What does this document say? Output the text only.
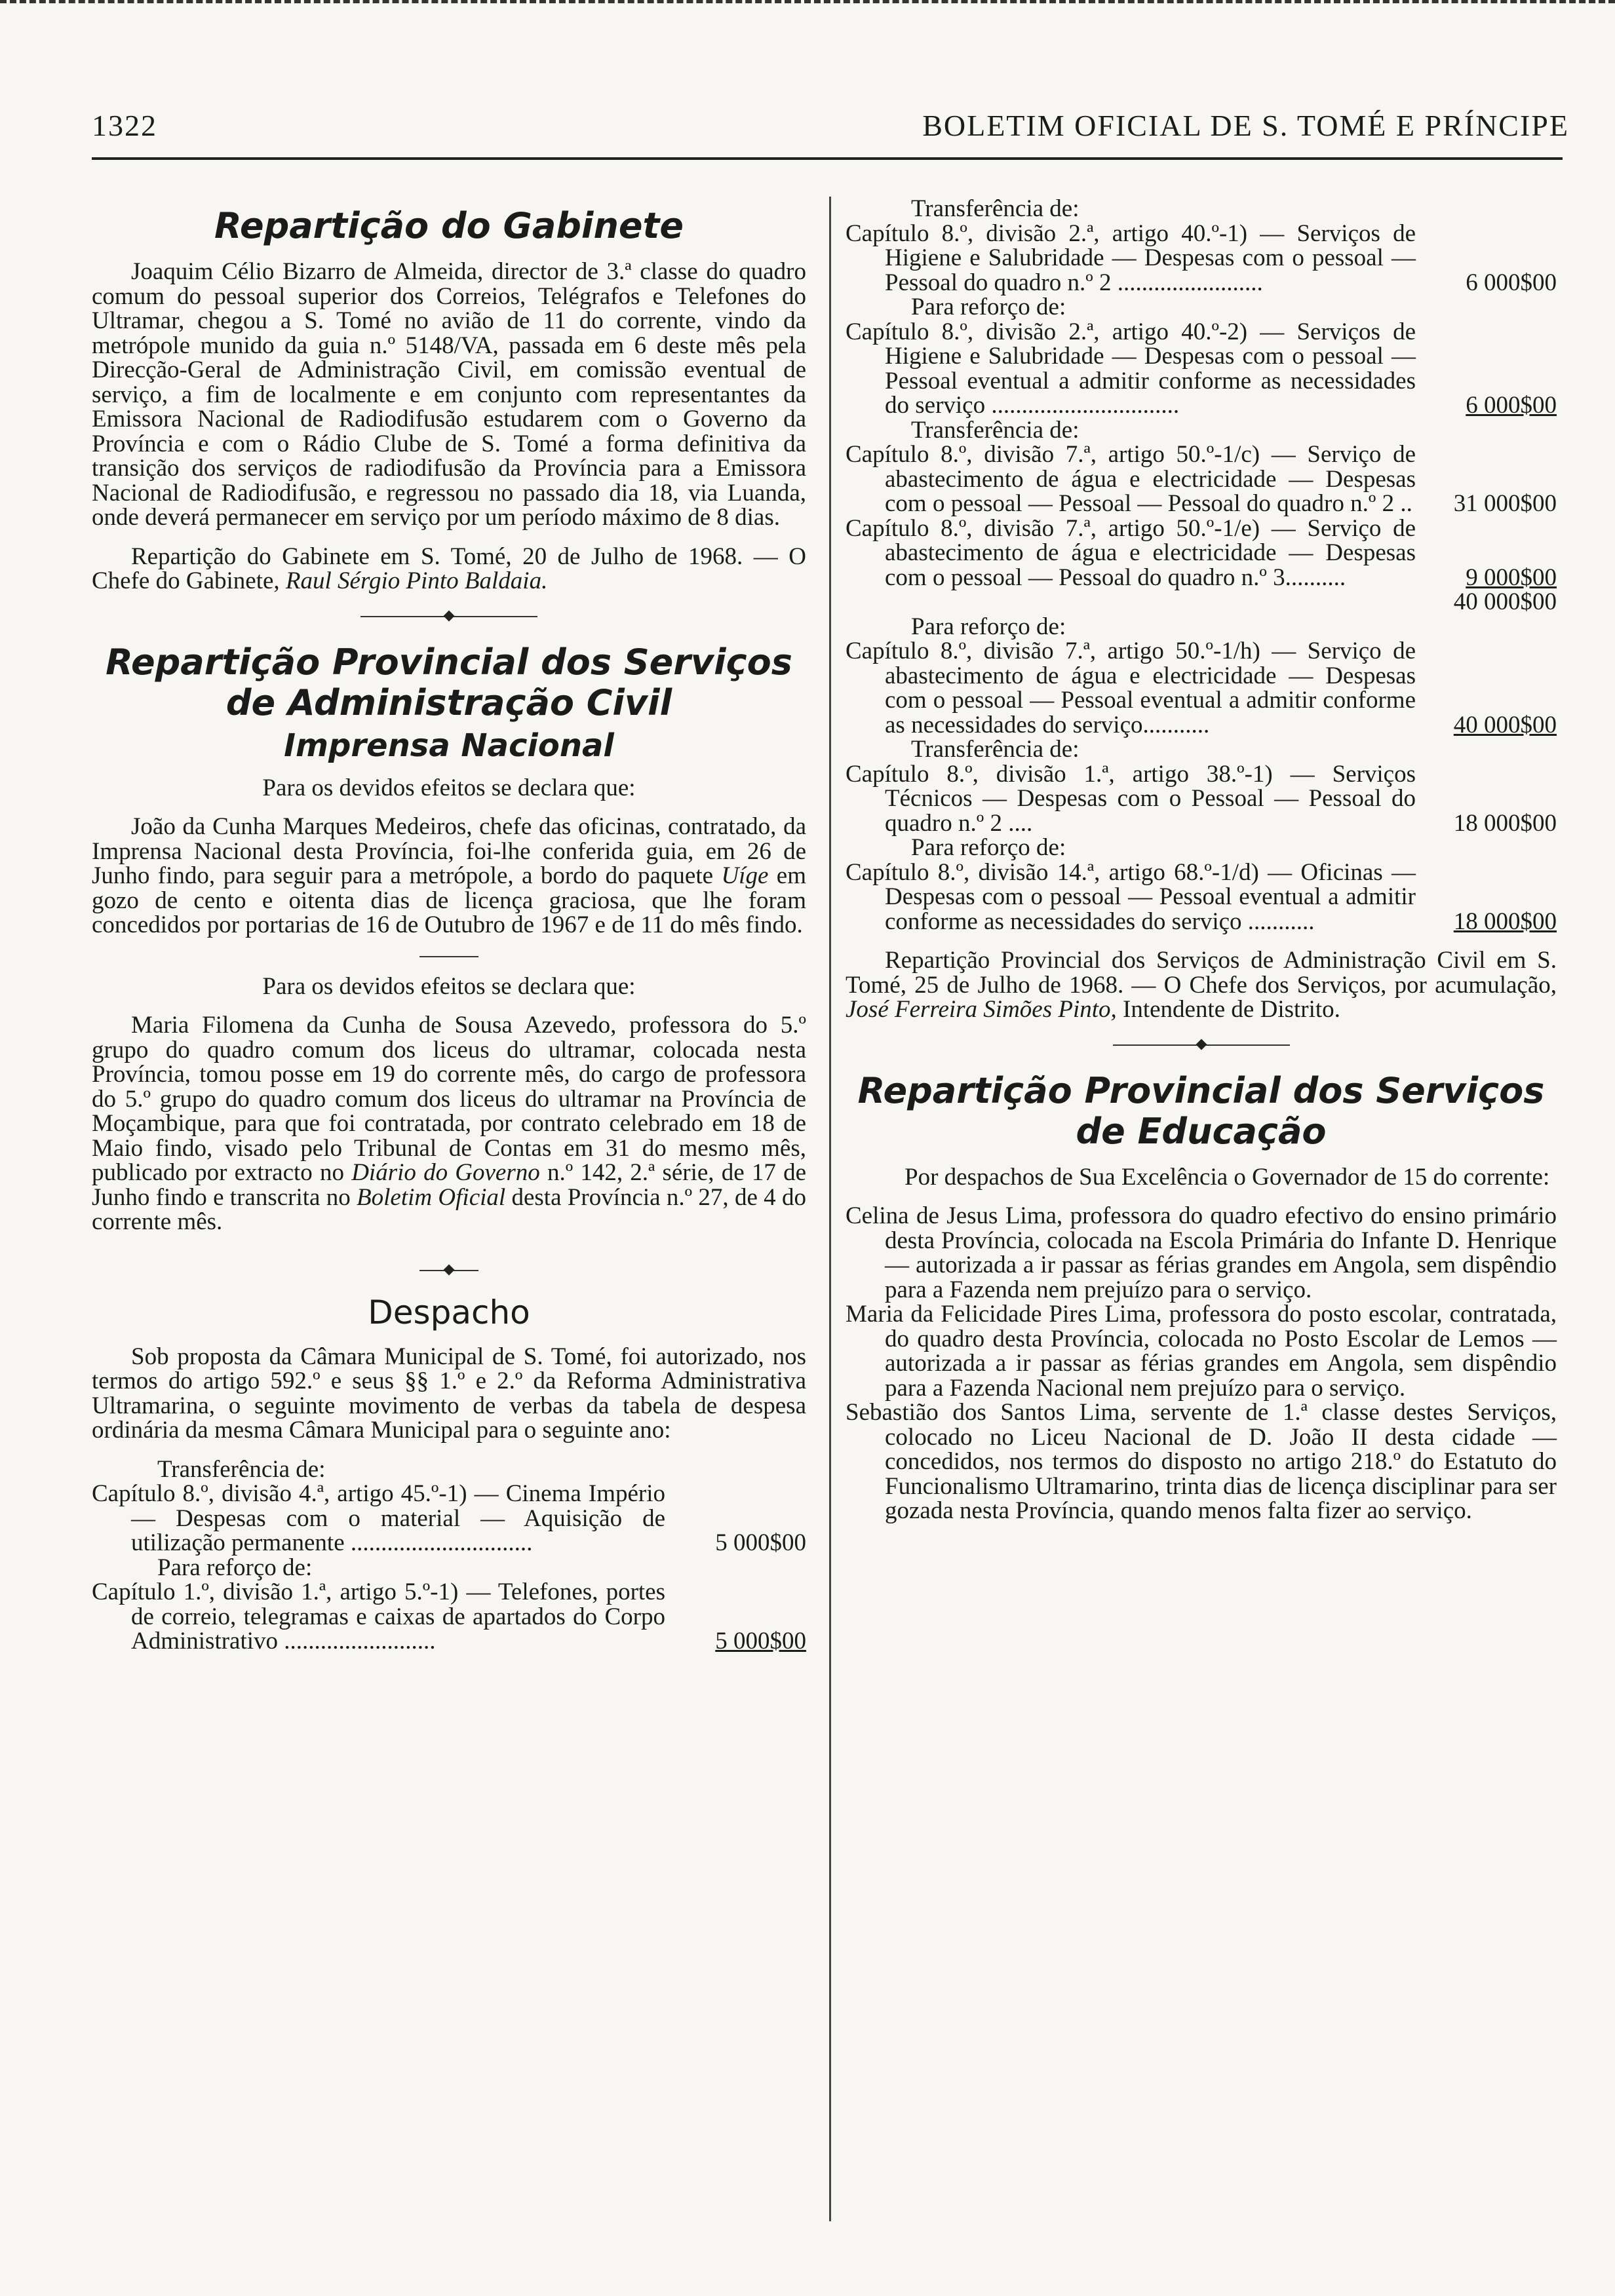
1322	BOLETIM OFICIAL DE S. TOMÉ E PRÍNCIPE
Repartição do Gabinete

Joaquim Célio Bizarro de Almeida, director de 3.ª classe do quadro comum do pessoal superior dos Correios, Telégrafos e Telefones do Ultramar, chegou a S. Tomé no avião de 11 do corrente, vindo da metrópole munido da guia n.º 5148/VA, passada em 6 deste mês pela Direcção-Geral de Administração Civil, em comissão eventual de serviço, a fim de localmente e em conjunto com representantes da Emissora Nacional de Radiodifusão estudarem com o Governo da Província e com o Rádio Clube de S. Tomé a forma definitiva da transição dos serviços de radiodifusão da Província para a Emissora Nacional de Radiodifusão, e regressou no passado dia 18, via Luanda, onde deverá permanecer em serviço por um período máximo de 8 dias.

Repartição do Gabinete em S. Tomé, 20 de Julho de 1968. — O Chefe do Gabinete, Raul Sérgio Pinto Baldaia.

Repartição Provincial dos Serviços
de Administração Civil
Imprensa Nacional

Para os devidos efeitos se declara que:

João da Cunha Marques Medeiros, chefe das oficinas, contratado, da Imprensa Nacional desta Província, foi-lhe conferida guia, em 26 de Junho findo, para seguir para a metrópole, a bordo do paquete Uíge em gozo de cento e oitenta dias de licença graciosa, que lhe foram concedidos por portarias de 16 de Outubro de 1967 e de 11 do mês findo.

Para os devidos efeitos se declara que:

Maria Filomena da Cunha de Sousa Azevedo, professora do 5.º grupo do quadro comum dos liceus do ultramar, colocada nesta Província, tomou posse em 19 do corrente mês, do cargo de professora do 5.º grupo do quadro comum dos liceus do ultramar na Província de Moçambique, para que foi contratada, por contrato celebrado em 18 de Maio findo, visado pelo Tribunal de Contas em 31 do mesmo mês, publicado por extracto no Diário do Governo n.º 142, 2.ª série, de 17 de Junho findo e transcrita no Boletim Oficial desta Província n.º 27, de 4 do corrente mês.

Despacho

Sob proposta da Câmara Municipal de S. Tomé, foi autorizado, nos termos do artigo 592.º e seus §§ 1.º e 2.º da Reforma Administrativa Ultramarina, o seguinte movimento de verbas da tabela de despesa ordinária da mesma Câmara Municipal para o seguinte ano:

Transferência de:

Capítulo 8.º, divisão 4.ª, artigo 45.º-1) — Cinema Império — Despesas com o material — Aquisição de utilização permanente ..............................	5 000$00

Para reforço de:

Capítulo 1.º, divisão 1.ª, artigo 5.º-1) — Telefones, portes de correio, telegramas e caixas de apartados do Corpo Administrativo .........................	5 000$00

Transferência de:

Capítulo 8.º, divisão 2.ª, artigo 40.º-1) — Serviços de Higiene e Salubridade — Despesas com o pessoal — Pessoal do quadro n.º 2 ........................	6 000$00

Para reforço de:

Capítulo 8.º, divisão 2.ª, artigo 40.º-2) — Serviços de Higiene e Salubridade — Despesas com o pessoal — Pessoal eventual a admitir conforme as necessidades do serviço ...............................	6 000$00

Transferência de:

Capítulo 8.º, divisão 7.ª, artigo 50.º-1/c) — Serviço de abastecimento de água e electricidade — Despesas com o pessoal — Pessoal — Pessoal do quadro n.º 2 ..	31 000$00
Capítulo 8.º, divisão 7.ª, artigo 50.º-1/e) — Serviço de abastecimento de água e electricidade — Despesas com o pessoal — Pessoal do quadro n.º 3..........	9 000$00

40 000$00

Para reforço de:

Capítulo 8.º, divisão 7.ª, artigo 50.º-1/h) — Serviço de abastecimento de água e electricidade — Despesas com o pessoal — Pessoal eventual a admitir conforme as necessidades do serviço...........	40 000$00

Transferência de:

Capítulo 8.º, divisão 1.ª, artigo 38.º-1) — Serviços Técnicos — Despesas com o Pessoal — Pessoal do quadro n.º 2 ....	18 000$00

Para reforço de:

Capítulo 8.º, divisão 14.ª, artigo 68.º-1/d) — Oficinas — Despesas com o pessoal — Pessoal eventual a admitir conforme as necessidades do serviço ...........	18 000$00

Repartição Provincial dos Serviços de Administração Civil em S. Tomé, 25 de Julho de 1968. — O Chefe dos Serviços, por acumulação, José Ferreira Simões Pinto, Intendente de Distrito.

Repartição Provincial dos Serviços
de Educação

Por despachos de Sua Excelência o Governador de 15 do corrente:

Celina de Jesus Lima, professora do quadro efectivo do ensino primário desta Província, colocada na Escola Primária do Infante D. Henrique — autorizada a ir passar as férias grandes em Angola, sem dispêndio para a Fazenda nem prejuízo para o serviço.

Maria da Felicidade Pires Lima, professora do posto escolar, contratada, do quadro desta Província, colocada no Posto Escolar de Lemos — autorizada a ir passar as férias grandes em Angola, sem dispêndio para a Fazenda Nacional nem prejuízo para o serviço.

Sebastião dos Santos Lima, servente de 1.ª classe destes Serviços, colocado no Liceu Nacional de D. João II desta cidade — concedidos, nos termos do disposto no artigo 218.º do Estatuto do Funcionalismo Ultramarino, trinta dias de licença disciplinar para ser gozada nesta Província, quando menos falta fizer ao serviço.
